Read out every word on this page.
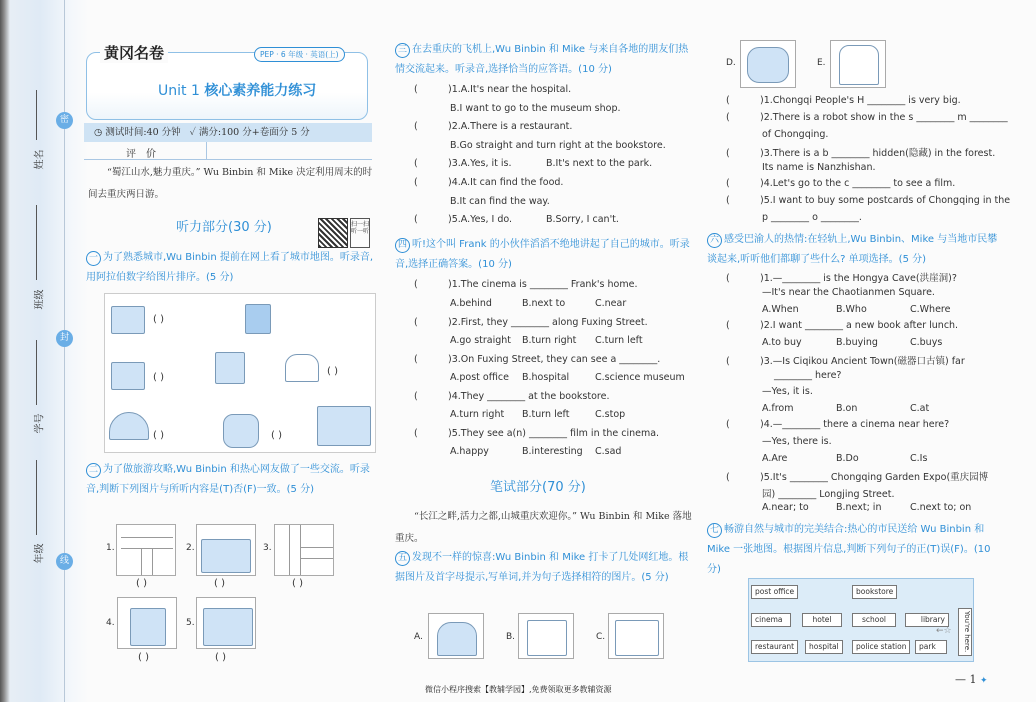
密
封
线
姓名
班级
学号
年级
黄冈名卷	PEP · 6 年级 · 英语(上)
Unit 1 核心素养能力练习
◷ 测试时间:40 分钟 ✓ 满分:100 分+卷面分 5 分
评价
“蜀江山水,魅力重庆。” Wu Binbin 和 Mike 决定利用周末的时间去重庆两日游。
听力部分(30 分)	扫一扫 听一听
一 为了熟悉城市,Wu Binbin 提前在网上看了城市地图。听录音,用阿拉伯数字给图片排序。(5 分)
( )
( )
( )
( )	( )
二 为了做旅游攻略,Wu Binbin 和热心网友做了一些交流。听录音,判断下列图片与所听内容是(T)否(F)一致。(5 分)
1.
( )
2.
( )
3.
( )
4.
( )
5.
( )
三 在去重庆的飞机上,Wu Binbin 和 Mike 与来自各地的朋友们热情交流起来。听录音,选择恰当的应答语。(10 分)
(	)1.A.It's near the hospital.
B.I want to go to the museum shop.
(	)2.A.There is a restaurant.
B.Go straight and turn right at the bookstore.
(	)3.A.Yes, it is.	B.It's next to the park.
(	)4.A.It can find the food.
B.It can find the way.
(	)5.A.Yes, I do.	B.Sorry, I can't.
四 听!这个叫 Frank 的小伙伴滔滔不绝地讲起了自己的城市。听录音,选择正确答案。(10 分)
(	)1.The cinema is ________ Frank's home.
A.behind	B.next to	C.near
(	)2.First, they ________ along Fuxing Street.
A.go straight B.turn right C.turn left
(	)3.On Fuxing Street, they can see a ________.
A.post office B.hospital	C.science museum
(	)4.They ________ at the bookstore.
A.turn right B.turn left	C.stop
(	)5.They see a(n) ________ film in the cinema.
A.happy	B.interesting C.sad
笔试部分(70 分)
“长江之畔,活力之都,山城重庆欢迎你。” Wu Binbin 和 Mike 落地重庆。
五 发现不一样的惊喜:Wu Binbin 和 Mike 打卡了几处网红地。根据图片及首字母提示,写单词,并为句子选择相符的图片。(5 分)
A.	B.	C.
D.	E.
(	)1.Chongqi People's H ________ is very big.
(	)2.There is a robot show in the s ________ m ________
of Chongqing.
(	)3.There is a b ________ hidden(隐藏) in the forest.
Its name is Nanzhishan.
(	)4.Let's go to the c ________ to see a film.
(	)5.I want to buy some postcards of Chongqing in the
p ________ o ________.
六 感受巴渝人的热情:在轻轨上,Wu Binbin、Mike 与当地市民攀谈起来,听听他们都聊了些什么? 单项选择。(5 分)
(	)1.—________ is the Hongya Cave(洪崖洞)?
—It's near the Chaotianmen Square.
A.When	B.Who	C.Where
(	)2.I want ________ a new book after lunch.
A.to buy	B.buying	C.buys
(	)3.—Is Ciqikou Ancient Town(磁器口古镇) far
________ here?
—Yes, it is.
A.from	B.on	C.at
(	)4.—________ there a cinema near here?
—Yes, there is.
A.Are	B.Do	C.Is
(	)5.It's ________ Chongqing Garden Expo(重庆园博
园) ________ Longjing Street.
A.near; to	B.next; in	C.next to; on
七 畅游自然与城市的完美结合:热心的市民送给 Wu Binbin 和 Mike 一张地图。根据图片信息,判断下列句子的正(T)误(F)。(10 分)
post office	bookstore
cinema	hotel	school	library
restaurant	hospital	police station	park	You're here.
←☆
— 1 ✦
微信小程序搜索【教辅学园】,免费领取更多教辅资源
